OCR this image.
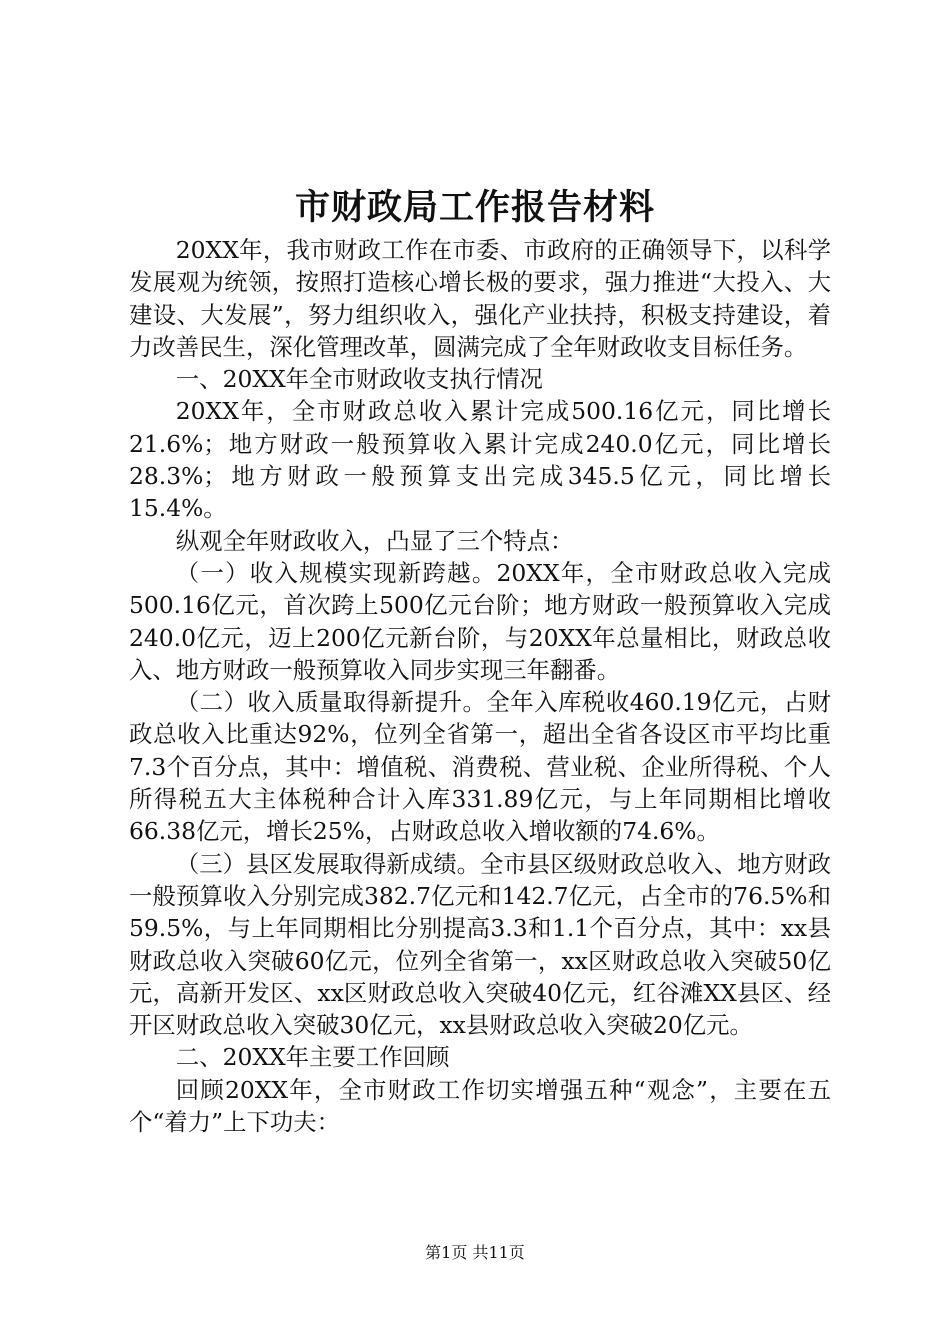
市财政局工作报告材料

20XX年，我市财政工作在市委、市政府的正确领导下，以科学发展观为统领，按照打造核心增长极的要求，强力推进“大投入、大建设、大发展”，努力组织收入，强化产业扶持，积极支持建设，着力改善民生，深化管理改革，圆满完成了全年财政收支目标任务。

一、20XX年全市财政收支执行情况

20XX年，全市财政总收入累计完成500.16亿元，同比增长21.6%；地方财政一般预算收入累计完成240.0亿元，同比增长28.3%；地方财政一般预算支出完成345.5亿元，同比增长15.4%。

纵观全年财政收入，凸显了三个特点：

（一）收入规模实现新跨越。20XX年，全市财政总收入完成500.16亿元，首次跨上500亿元台阶；地方财政一般预算收入完成240.0亿元，迈上200亿元新台阶，与20XX年总量相比，财政总收入、地方财政一般预算收入同步实现三年翻番。

（二）收入质量取得新提升。全年入库税收460.19亿元，占财政总收入比重达92%，位列全省第一，超出全省各设区市平均比重7.3个百分点，其中：增值税、消费税、营业税、企业所得税、个人所得税五大主体税种合计入库331.89亿元，与上年同期相比增收66.38亿元，增长25%，占财政总收入增收额的74.6%。

（三）县区发展取得新成绩。全市县区级财政总收入、地方财政一般预算收入分别完成382.7亿元和142.7亿元，占全市的76.5%和59.5%，与上年同期相比分别提高3.3和1.1个百分点，其中：xx县财政总收入突破60亿元，位列全省第一，xx区财政总收入突破50亿元，高新开发区、xx区财政总收入突破40亿元，红谷滩XX县区、经开区财政总收入突破30亿元，xx县财政总收入突破20亿元。

二、20XX年主要工作回顾

回顾20XX年，全市财政工作切实增强五种“观念”，主要在五个“着力”上下功夫：

第1页 共11页
